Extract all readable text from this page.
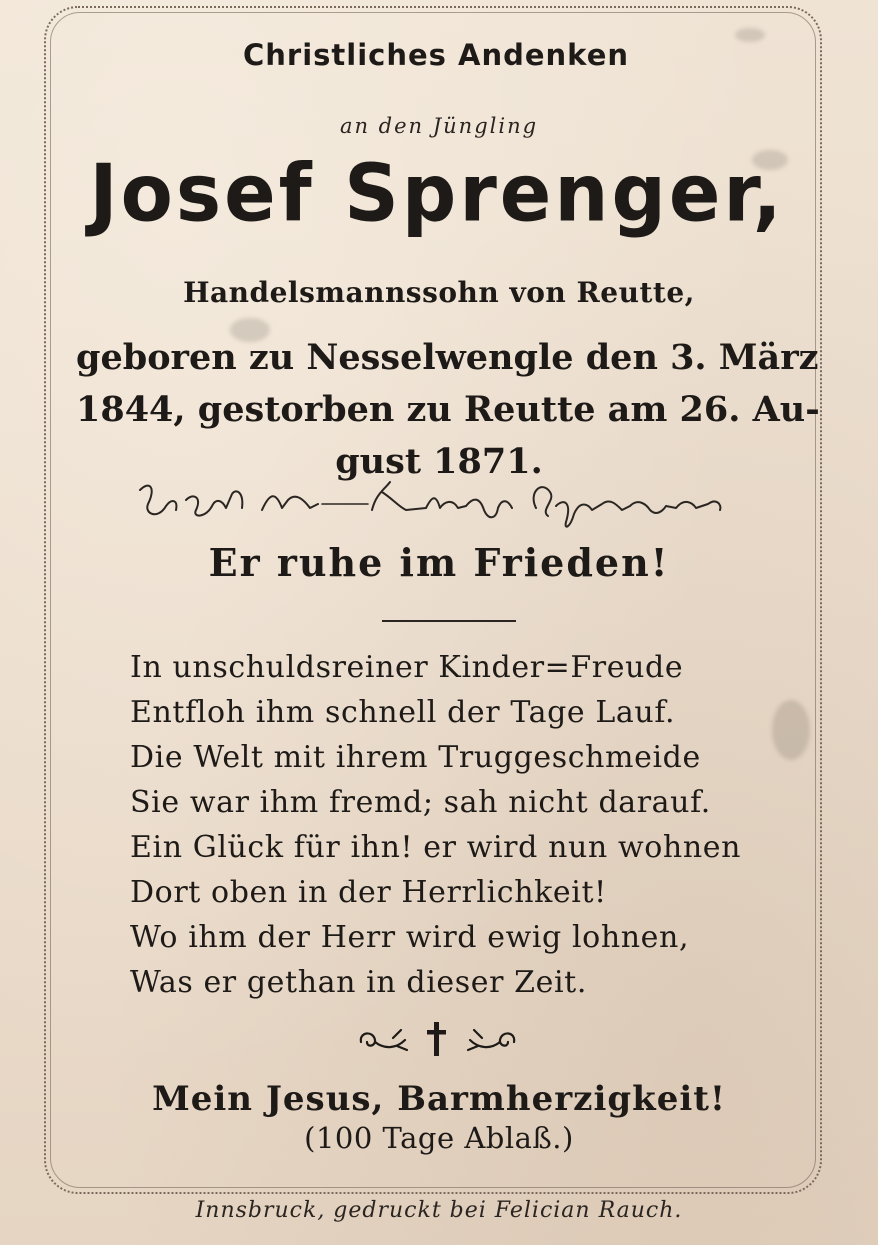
Christliches Andenken
an den Jüngling
Josef Sprenger,
Handelsmannssohn von Reutte,
geboren zu Nesselwengle den 3. März
1844, gestorben zu Reutte am 26. Au-
gust 1871.
Er ruhe im Frieden!
In unschuldsreiner Kinder=Freude
Entfloh ihm schnell der Tage Lauf.
Die Welt mit ihrem Truggeschmeide
Sie war ihm fremd; sah nicht darauf.
Ein Glück für ihn! er wird nun wohnen
Dort oben in der Herrlichkeit!
Wo ihm der Herr wird ewig lohnen,
Was er gethan in dieser Zeit.
Mein Jesus, Barmherzigkeit!
(100 Tage Ablaß.)
Innsbruck, gedruckt bei Felician Rauch.
